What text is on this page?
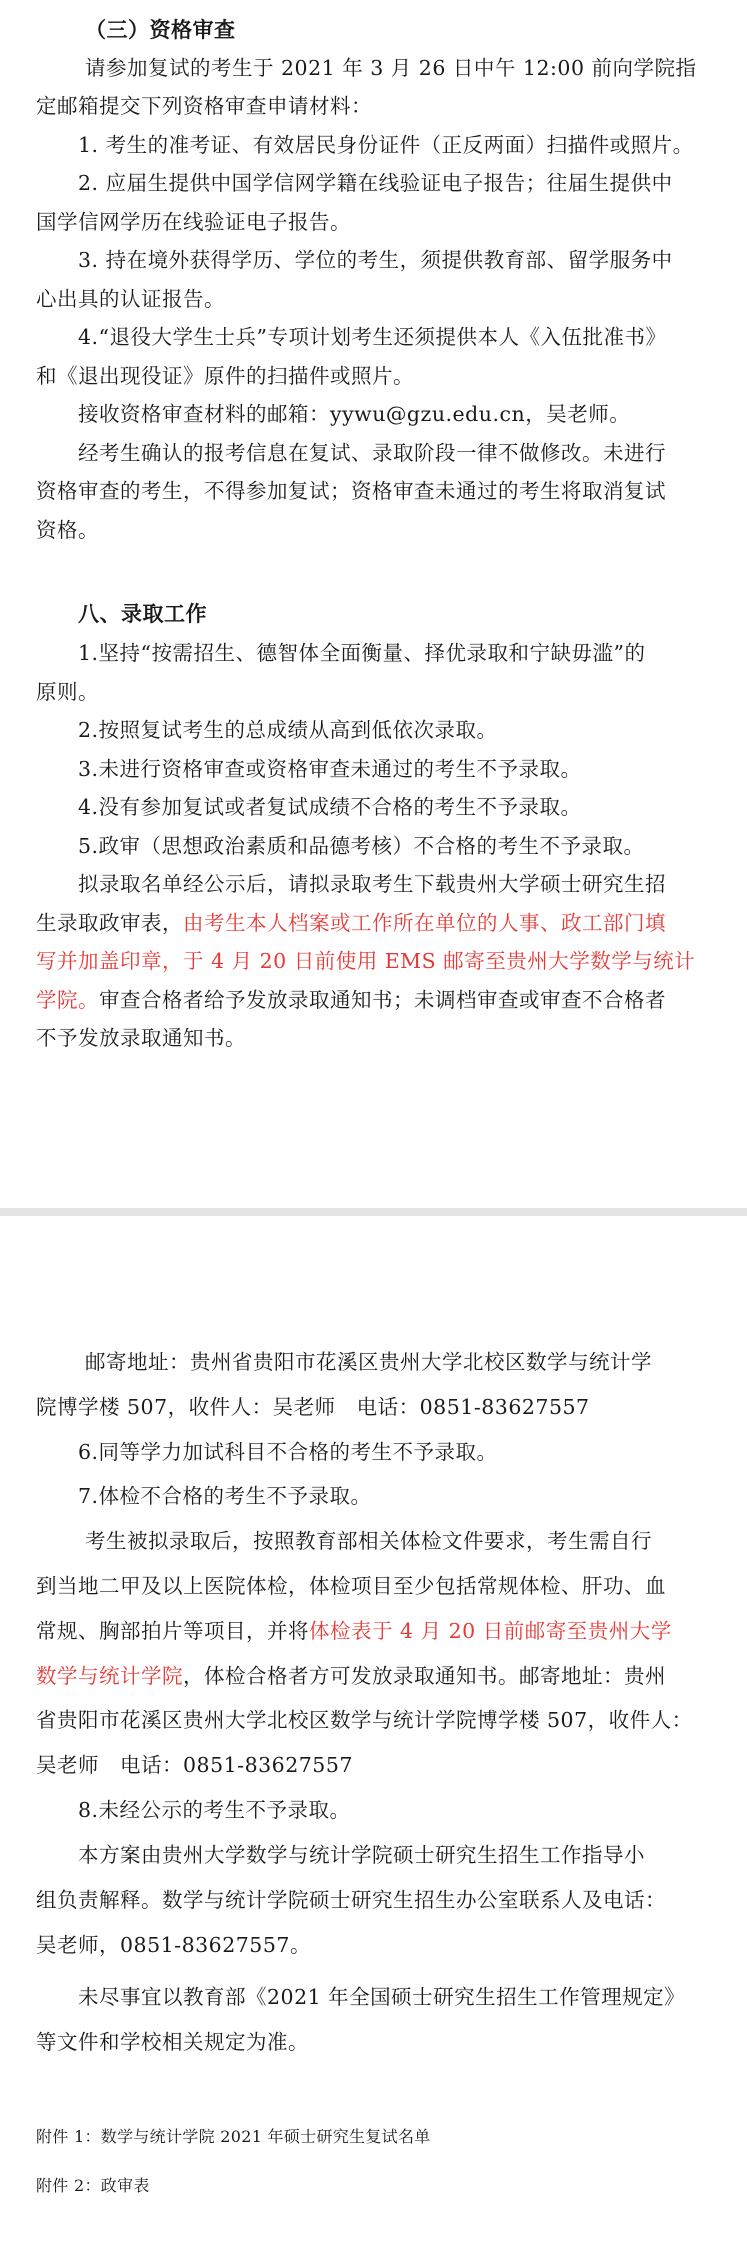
（三）资格审查
请参加复试的考生于 2021 年 3 月 26 日中午 12:00 前向学院指
定邮箱提交下列资格审查申请材料：
1. 考生的准考证、有效居民身份证件（正反两面）扫描件或照片。
2. 应届生提供中国学信网学籍在线验证电子报告；往届生提供中
国学信网学历在线验证电子报告。
3. 持在境外获得学历、学位的考生，须提供教育部、留学服务中
心出具的认证报告。
4.“退役大学生士兵”专项计划考生还须提供本人《入伍批准书》
和《退出现役证》原件的扫描件或照片。
接收资格审查材料的邮箱：yywu@gzu.edu.cn，吴老师。
经考生确认的报考信息在复试、录取阶段一律不做修改。未进行
资格审查的考生，不得参加复试；资格审查未通过的考生将取消复试
资格。
八、录取工作
1.坚持“按需招生、德智体全面衡量、择优录取和宁缺毋滥”的
原则。
2.按照复试考生的总成绩从高到低依次录取。
3.未进行资格审查或资格审查未通过的考生不予录取。
4.没有参加复试或者复试成绩不合格的考生不予录取。
5.政审（思想政治素质和品德考核）不合格的考生不予录取。
拟录取名单经公示后，请拟录取考生下载贵州大学硕士研究生招
生录取政审表，由考生本人档案或工作所在单位的人事、政工部门填
写并加盖印章，于 4 月 20 日前使用 EMS 邮寄至贵州大学数学与统计
学院。审查合格者给予发放录取通知书；未调档审查或审查不合格者
不予发放录取通知书。
邮寄地址：贵州省贵阳市花溪区贵州大学北校区数学与统计学
院博学楼 507，收件人：吴老师　电话：0851-83627557
6.同等学力加试科目不合格的考生不予录取。
7.体检不合格的考生不予录取。
考生被拟录取后，按照教育部相关体检文件要求，考生需自行
到当地二甲及以上医院体检，体检项目至少包括常规体检、肝功、血
常规、胸部拍片等项目，并将体检表于 4 月 20 日前邮寄至贵州大学
数学与统计学院，体检合格者方可发放录取通知书。邮寄地址：贵州
省贵阳市花溪区贵州大学北校区数学与统计学院博学楼 507，收件人：
吴老师　电话：0851-83627557
8.未经公示的考生不予录取。
本方案由贵州大学数学与统计学院硕士研究生招生工作指导小
组负责解释。数学与统计学院硕士研究生招生办公室联系人及电话：
吴老师，0851-83627557。
未尽事宜以教育部《2021 年全国硕士研究生招生工作管理规定》
等文件和学校相关规定为准。
附件 1：数学与统计学院 2021 年硕士研究生复试名单
附件 2：政审表
